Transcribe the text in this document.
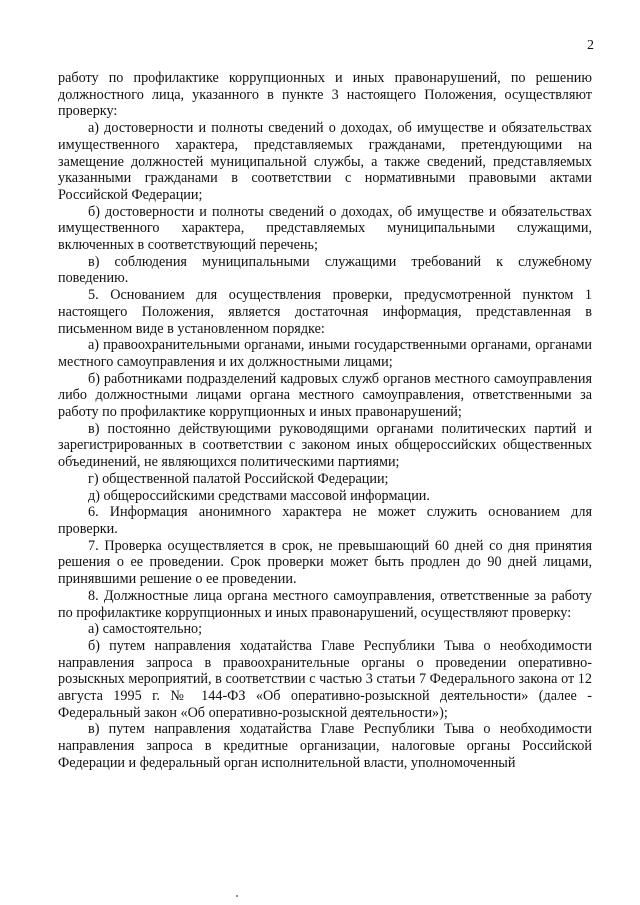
2

работу по профилактике коррупционных и иных правонарушений, по решению должностного лица, указанного в пункте 3 настоящего Положения, осуществляют проверку:

а) достоверности и полноты сведений о доходах, об имуществе и обязательствах имущественного характера, представляемых гражданами, претендующими на замещение должностей муниципальной службы, а также сведений, представляемых указанными гражданами в соответствии с нормативными правовыми актами Российской Федерации;

б) достоверности и полноты сведений о доходах, об имуществе и обязательствах имущественного характера, представляемых муниципальными служащими, включенных в соответствующий перечень;

в) соблюдения муниципальными служащими требований к служебному поведению.

5. Основанием для осуществления проверки, предусмотренной пунктом 1 настоящего Положения, является достаточная информация, представленная в письменном виде в установленном порядке:

а) правоохранительными органами, иными государственными органами, органами местного самоуправления и их должностными лицами;

б) работниками подразделений кадровых служб органов местного самоуправления либо должностными лицами органа местного самоуправления, ответственными за работу по профилактике коррупционных и иных правонарушений;

в) постоянно действующими руководящими органами политических партий и зарегистрированных в соответствии с законом иных общероссийских общественных объединений, не являющихся политическими партиями;

г) общественной палатой Российской Федерации;

д) общероссийскими средствами массовой информации.

6. Информация анонимного характера не может служить основанием для проверки.

7. Проверка осуществляется в срок, не превышающий 60 дней со дня принятия решения о ее проведении. Срок проверки может быть продлен до 90 дней лицами, принявшими решение о ее проведении.

8. Должностные лица органа местного самоуправления, ответственные за работу по профилактике коррупционных и иных правонарушений, осуществляют проверку:

а) самостоятельно;

б) путем направления ходатайства Главе Республики Тыва о необходимости направления запроса в правоохранительные органы о проведении оперативно-розыскных мероприятий, в соответствии с частью 3 статьи 7 Федерального закона от 12 августа 1995 г. № 144-ФЗ «Об оперативно-розыскной деятельности» (далее - Федеральный закон «Об оперативно-розыскной деятельности»);

в) путем направления ходатайства Главе Республики Тыва о необходимости направления запроса в кредитные организации, налоговые органы Российской Федерации и федеральный орган исполнительной власти, уполномоченный
